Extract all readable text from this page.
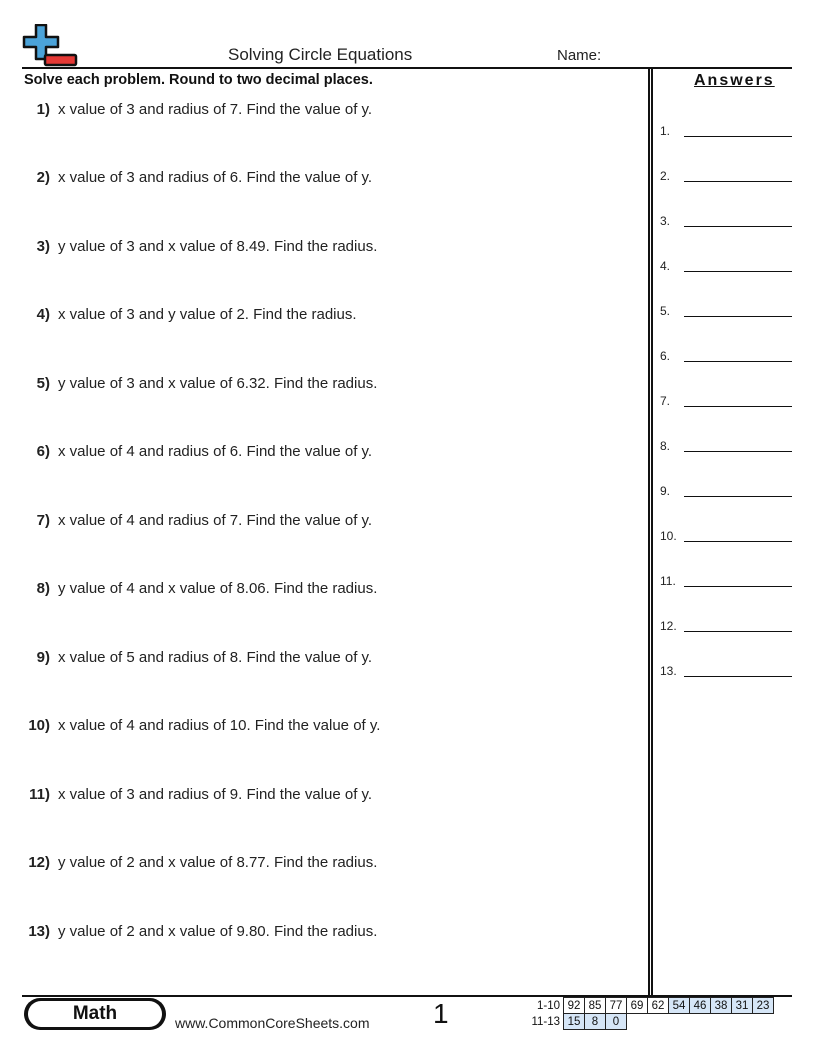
Solving Circle Equations	Name:
Solve each problem. Round to two decimal places.	Answers
1) x value of 3 and radius of 7. Find the value of y.
2) x value of 3 and radius of 6. Find the value of y.
3) y value of 3 and x value of 8.49. Find the radius.
4) x value of 3 and y value of 2. Find the radius.
5) y value of 3 and x value of 6.32. Find the radius.
6) x value of 4 and radius of 6. Find the value of y.
7) x value of 4 and radius of 7. Find the value of y.
8) y value of 4 and x value of 8.06. Find the radius.
9) x value of 5 and radius of 8. Find the value of y.
10) x value of 4 and radius of 10. Find the value of y.
11) x value of 3 and radius of 9. Find the value of y.
12) y value of 2 and x value of 8.77. Find the radius.
13) y value of 2 and x value of 9.80. Find the radius.
1.
2.
3.
4.
5.
6.
7.
8.
9.
10.
11.
12.
13.
Math	www.CommonCoreSheets.com 1	1-10	92	85	77	69	62	54	46	38	31	23
11-13	15	8	0							
